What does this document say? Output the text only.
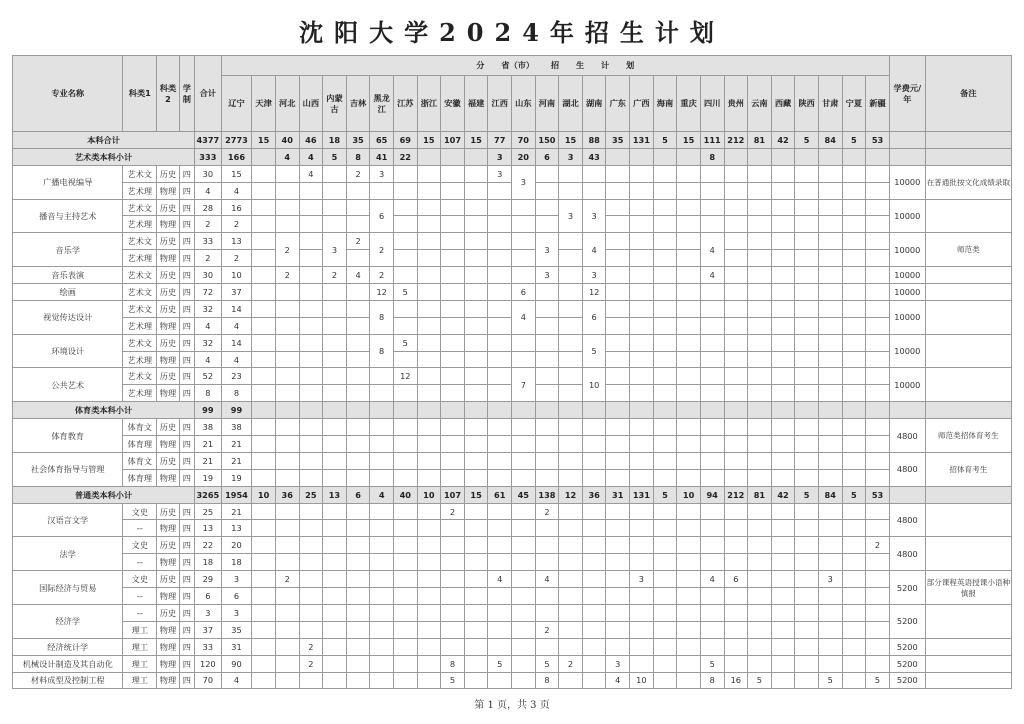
沈阳大学2024年招生计划
专业名称	科类1	科类2	学制	合计	分 省（市） 招 生 计 划																												学费元/年	备注
					辽宁	天津	河北	山西	内蒙古	吉林	黑龙江	江苏	浙江	安徽	福建	江西	山东	河南	湖北	湖南	广东	广西	海南	重庆	四川	贵州	云南	西藏	陕西	甘肃	宁夏	新疆		
本科合计				4377	2773	15	40	46	18	35	65	69	15	107	15	77	70	150	15	88	35	131	5	15	111	212	81	42	5	84	5	53		
艺术类本科小计				333	166		4	4	5	8	41	22				3	20	6	3	43					8									
广播电视编导	艺术文	历史	四	30	15			4		2	3					3	3																10000	在普通批按文化成绩录取
	艺术理	物理	四	4	4																													
播音与主持艺术	艺术文	历史	四	28	16						6								3	3													10000	
	艺术理	物理	四	2	2																													
音乐学	艺术文	历史	四	33	13		2		3	2	2							3		4					4								10000	师范类
	艺术理	物理	四	2	2																													
音乐表演	艺术文	历史	四	30	10		2		2	4	2							3		3					4								10000	
绘画	艺术文	历史	四	72	37						12	5					6			12													10000	
视觉传达设计	艺术文	历史	四	32	14						8						4			6													10000	
	艺术理	物理	四	4	4																													
环境设计	艺术文	历史	四	32	14						8	5								5													10000	
	艺术理	物理	四	4	4																													
公共艺术	艺术文	历史	四	52	23							12					7			10													10000	
	艺术理	物理	四	8	8																													
体育类本科小计				99	99																													
体育教育	体育文	历史	四	38	38																												4800	师范类招体育考生
	体育理	物理	四	21	21																													
社会体育指导与管理	体育文	历史	四	21	21																												4800	招体育考生
	体育理	物理	四	19	19																													
普通类本科小计				3265	1954	10	36	25	13	6	4	40	10	107	15	61	45	138	12	36	31	131	5	10	94	212	81	42	5	84	5	53		
汉语言文学	文史	历史	四	25	21									2				2															4800	
	--	物理	四	13	13																													
法学	文史	历史	四	22	20																											2	4800	
	--	物理	四	18	18																													
国际经济与贸易	文史	历史	四	29	3		2									4		4				3			4	6				3			5200	部分课程英语授课小语种慎报
	--	物理	四	6	6																													
经济学	--	历史	四	3	3																												5200	
	理工	物理	四	37	35													2																
经济统计学	理工	物理	四	33	31			2																									5200	
机械设计制造及其自动化	理工	物理	四	120	90			2						8		5		5	2		3				5								5200	
材料成型及控制工程	理工	物理	四	70	4									5				8			4	10			8	16	5			5		5	5200	
第 1 页，共 3 页
